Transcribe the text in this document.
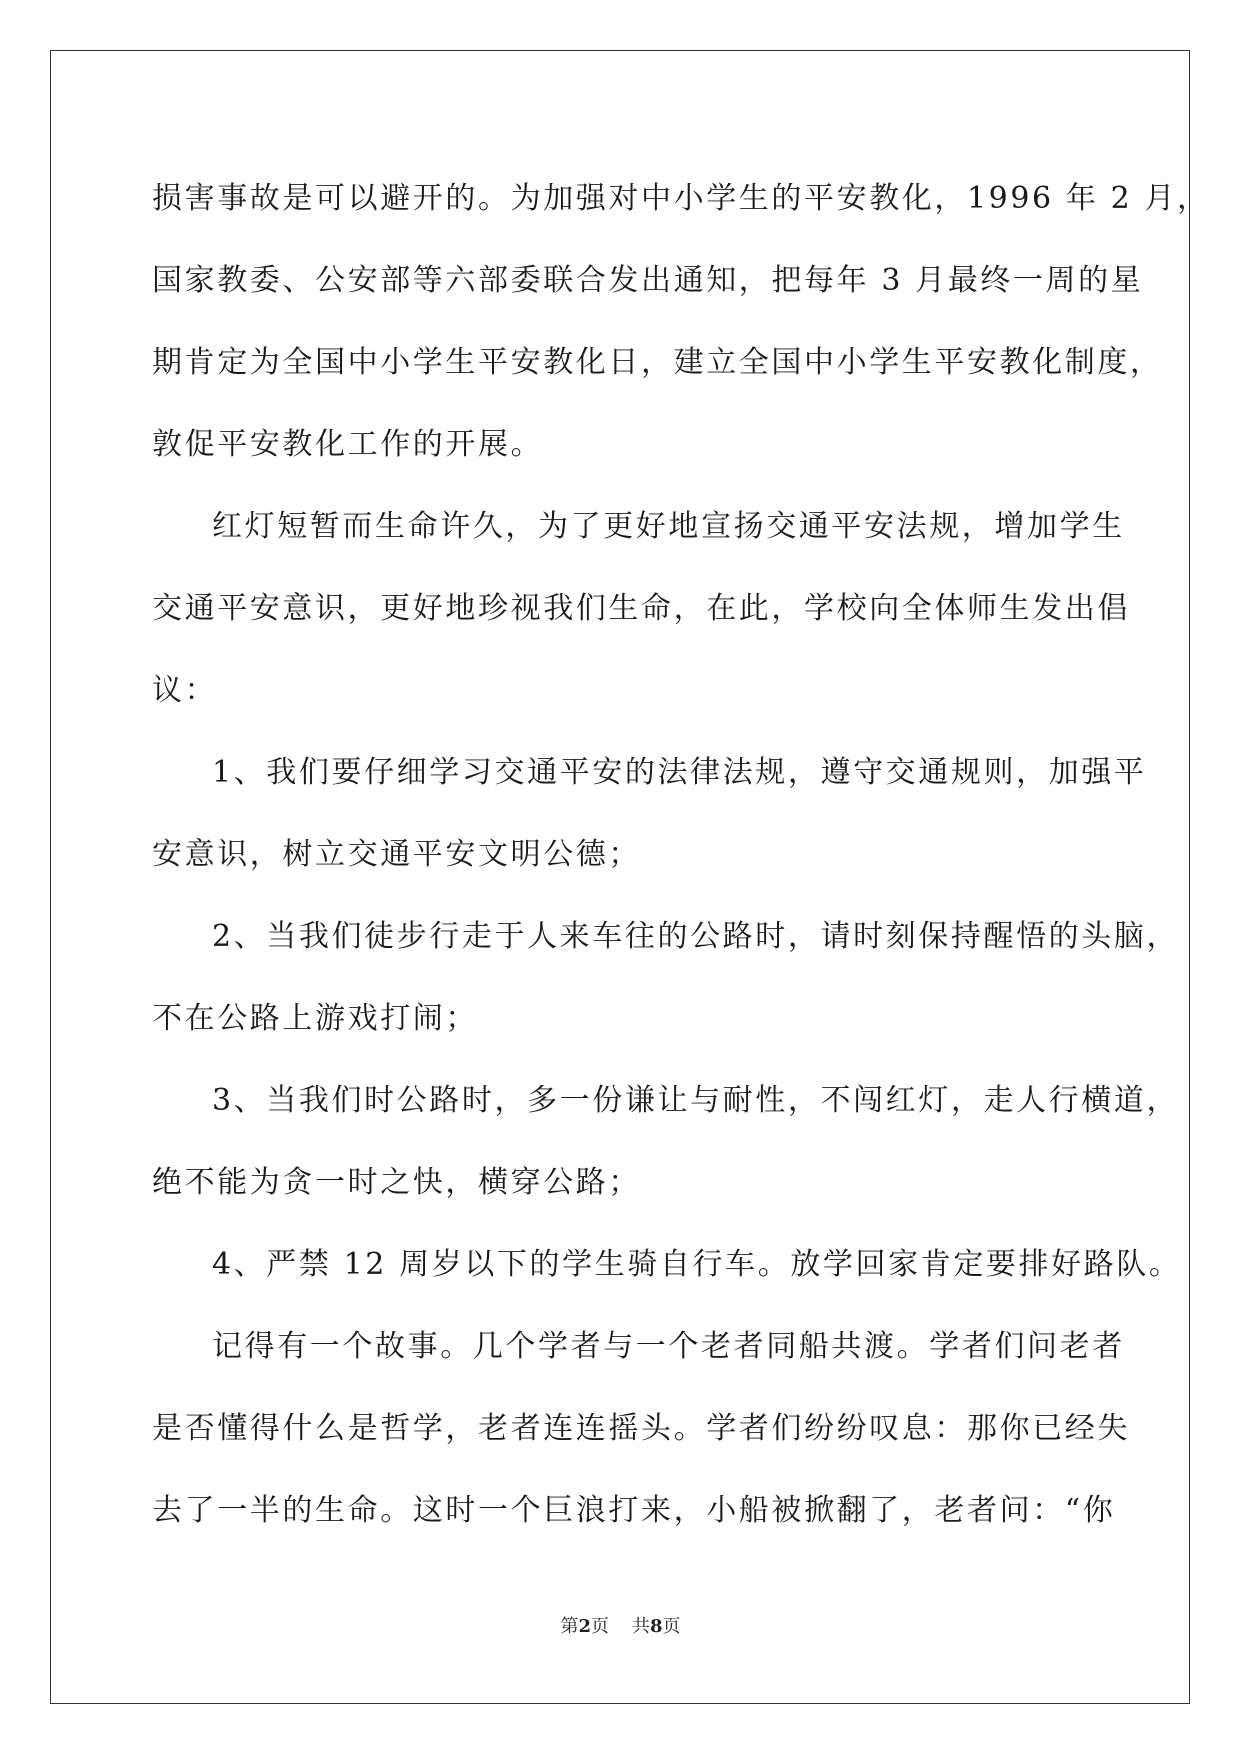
损害事故是可以避开的。为加强对中小学生的平安教化，1996 年 2 月，
国家教委、公安部等六部委联合发出通知，把每年 3 月最终一周的星
期肯定为全国中小学生平安教化日，建立全国中小学生平安教化制度，
敦促平安教化工作的开展。
红灯短暂而生命许久，为了更好地宣扬交通平安法规，增加学生
交通平安意识，更好地珍视我们生命，在此，学校向全体师生发出倡
议：
1、我们要仔细学习交通平安的法律法规，遵守交通规则，加强平
安意识，树立交通平安文明公德；
2、当我们徒步行走于人来车往的公路时，请时刻保持醒悟的头脑，
不在公路上游戏打闹；
3、当我们时公路时，多一份谦让与耐性，不闯红灯，走人行横道，
绝不能为贪一时之快，横穿公路；
4、严禁 12 周岁以下的学生骑自行车。放学回家肯定要排好路队。
记得有一个故事。几个学者与一个老者同船共渡。学者们问老者
是否懂得什么是哲学，老者连连摇头。学者们纷纷叹息：那你已经失
去了一半的生命。这时一个巨浪打来，小船被掀翻了，老者问：“你
第2页 共8页
